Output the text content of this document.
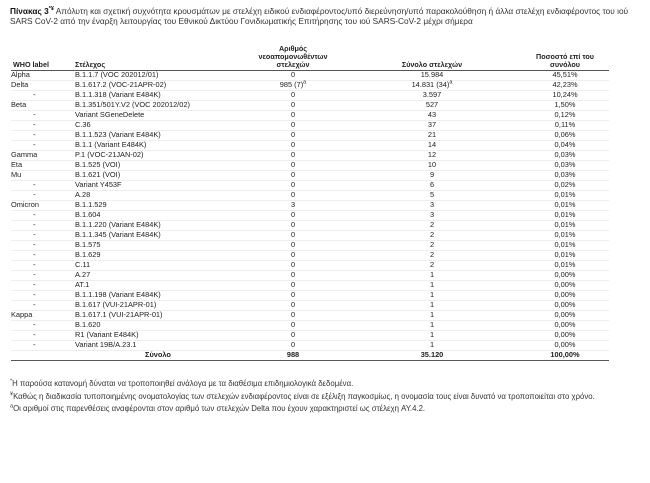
Πίνακας 3*¥ Απόλυτη και σχετική συχνότητα κρουσμάτων με στελέχη ειδικού ενδιαφέροντος/υπό διερεύνηση/υπό παρακολούθηση ή άλλα στελέχη ενδιαφέροντος του ιού SARS CoV-2 από την έναρξη λειτουργίας του Εθνικού Δικτύου Γονιδιωματικής Επιτήρησης του ιού SARS-CoV-2 μέχρι σήμερα
WHO label	Στέλεχος	Αριθμός νεοαπομονωθέντων στελεχών	Σύνολο στελεχών	Ποσοστό επί του συνόλου
Alpha	B.1.1.7 (VOC 202012/01)	0	15.984	45,51%
Delta	B.1.617.2 (VOC-21APR-02)	985 $(7)^a$	14.831 $(34)^a$	42,23%
-	B.1.1.318 (Variant E484K)	0	3.597	10,24%
Beta	B.1.351/501Y.V2 (VOC 202012/02)	0	527	1,50%
-	Variant SGeneDelete	0	43	0,12%
-	C.36	0	37	0,11%
-	B.1.1.523 (Variant E484K)	0	21	0,06%
-	B.1.1 (Variant E484K)	0	14	0,04%
Gamma	P.1 (VOC-21JAN-02)	0	12	0,03%
Eta	B.1.525 (VOI)	0	10	0,03%
Mu	B.1.621 (VOI)	0	9	0,03%
-	Variant Y453F	0	6	0,02%
-	A.28	0	5	0,01%
Omicron	B.1.1.529	3	3	0,01%
-	B.1.604	0	3	0,01%
-	B.1.1.220 (Variant E484K)	0	2	0,01%
-	B.1.1.345 (Variant E484K)	0	2	0,01%
-	B.1.575	0	2	0,01%
-	B.1.629	0	2	0,01%
-	C.11	0	2	0,01%
-	A.27	0	1	0,00%
-	AT.1	0	1	0,00%
-	B.1.1.198 (Variant E484K)	0	1	0,00%
-	B.1.617 (VUI-21APR-01)	0	1	0,00%
Kappa	B.1.617.1 (VUI-21APR-01)	0	1	0,00%
-	B.1.620	0	1	0,00%
-	R1 (Variant E484K)	0	1	0,00%
-	Variant 19B/A.23.1	0	1	0,00%
	Σύνολο	988	35.120	100,00%

*Η παρούσα κατανομή δύναται να τροποποιηθεί ανάλογα με τα διαθέσιμα επιδημιολογικά δεδομένα.

¥Καθώς η διαδικασία τυποποιημένης ονοματολογίας των στελεχών ενδιαφέροντος είναι σε εξέλιξη παγκοσμίως, η ονομασία τους είναι δυνατό να τροποποιείται στο χρόνο.

$^a$Οι αριθμοί στις παρενθέσεις αναφέρονται στον αριθμό των στελεχών Delta που έχουν χαρακτηριστεί ως στέλεχη AY.4.2.
